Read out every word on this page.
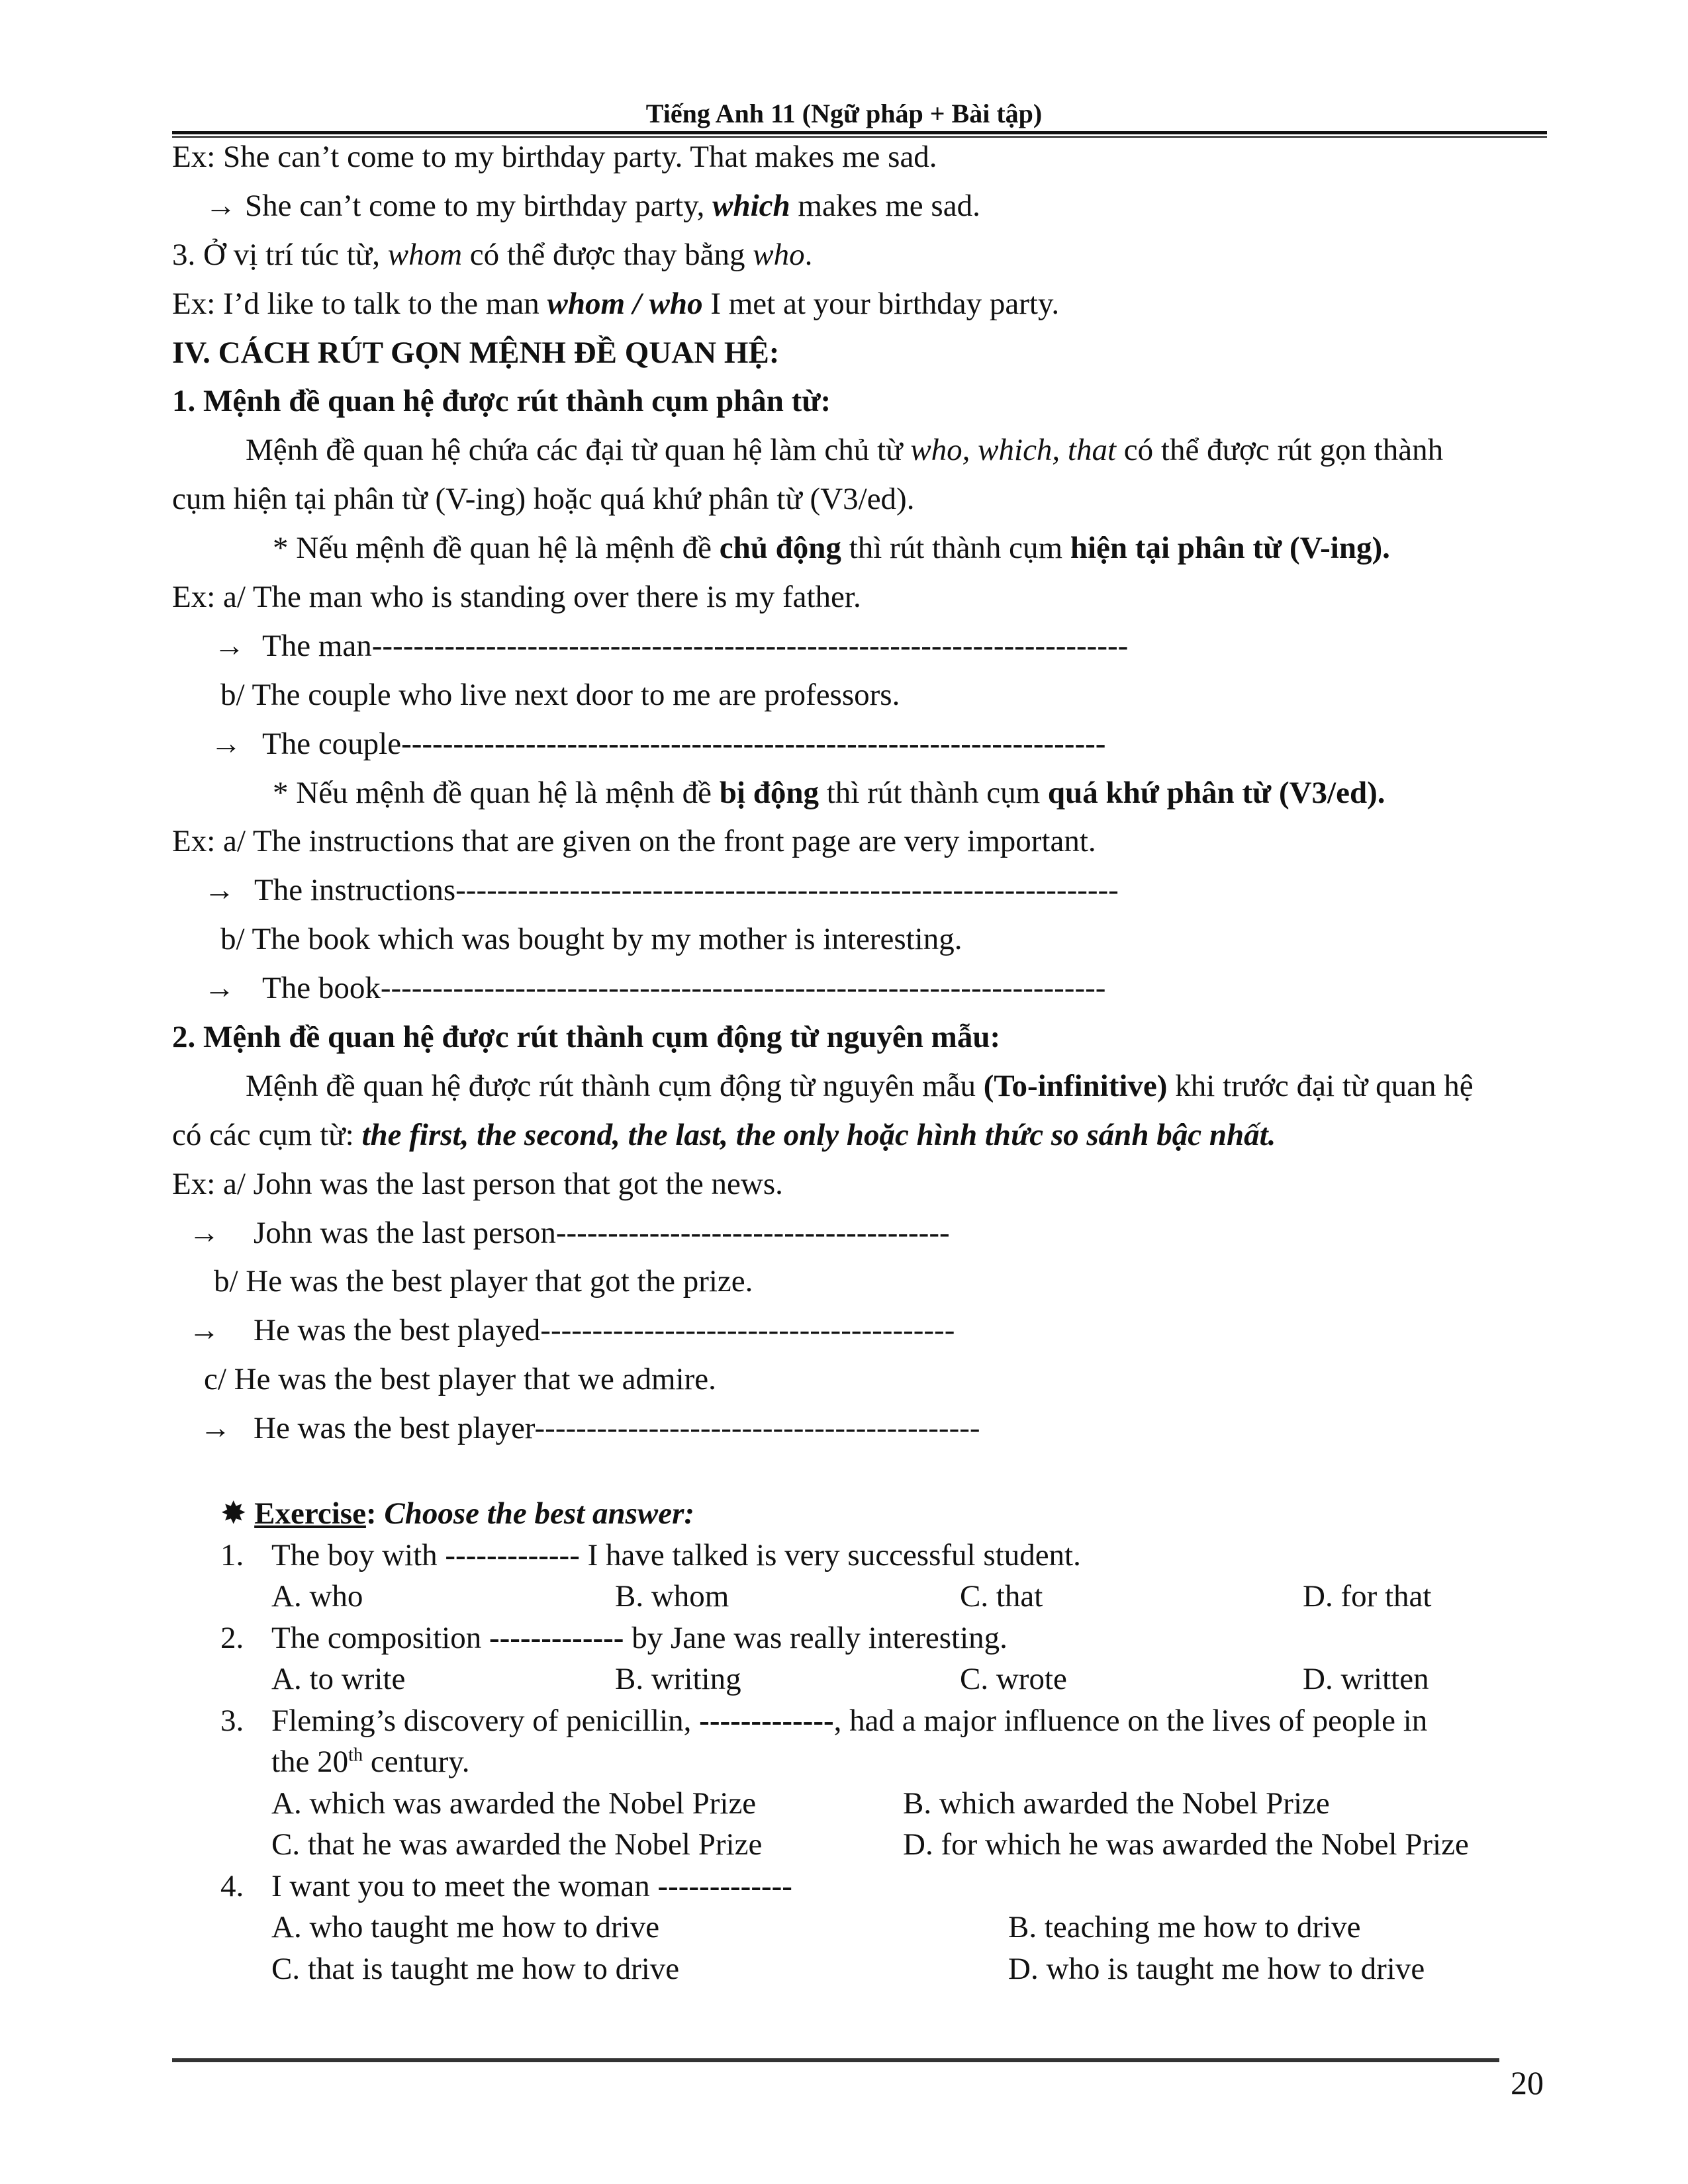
Tiếng Anh 11 (Ngữ pháp + Bài tập)
Ex: She can’t come to my birthday party. That makes me sad.
→ She can’t come to my birthday party, which makes me sad.
3. Ở vị trí túc từ, whom có thể được thay bằng who.
Ex: I’d like to talk to the man whom / who I met at your birthday party.
IV. CÁCH RÚT GỌN MỆNH ĐỀ QUAN HỆ:
1. Mệnh đề quan hệ được rút thành cụm phân từ:
Mệnh đề quan hệ chứa các đại từ quan hệ làm chủ từ who, which, that có thể được rút gọn thành
cụm hiện tại phân từ (V-ing) hoặc quá khứ phân từ (V3/ed).
* Nếu mệnh đề quan hệ là mệnh đề chủ động thì rút thành cụm hiện tại phân từ (V-ing).
Ex: a/ The man who is standing over there is my father.
→ The man-------------------------------------------------------------------------
b/ The couple who live next door to me are professors.
→ The couple--------------------------------------------------------------------
* Nếu mệnh đề quan hệ là mệnh đề bị động thì rút thành cụm quá khứ phân từ (V3/ed).
Ex: a/ The instructions that are given on the front page are very important.
→ The instructions----------------------------------------------------------------
b/ The book which was bought by my mother is interesting.
→ The book----------------------------------------------------------------------
2. Mệnh đề quan hệ được rút thành cụm động từ nguyên mẫu:
Mệnh đề quan hệ được rút thành cụm động từ nguyên mẫu (To-infinitive) khi trước đại từ quan hệ
có các cụm từ: the first, the second, the last, the only hoặc hình thức so sánh bậc nhất.
Ex: a/ John was the last person that got the news.
→ John was the last person--------------------------------------
b/ He was the best player that got the prize.
→ He was the best played----------------------------------------
c/ He was the best player that we admire.
→ He was the best player-------------------------------------------
✸ Exercise: Choose the best answer:
1. The boy with ------------- I have talked is very successful student.
A. who	B. whom	C. that	D. for that
2. The composition ------------- by Jane was really interesting.
A. to write	B. writing	C. wrote	D. written
3. Fleming’s discovery of penicillin, -------------, had a major influence on the lives of people in
the 20th century.
A. which was awarded the Nobel Prize	B. which awarded the Nobel Prize
C. that he was awarded the Nobel Prize	D. for which he was awarded the Nobel Prize
4. I want you to meet the woman -------------
A. who taught me how to drive	B. teaching me how to drive
C. that is taught me how to drive	D. who is taught me how to drive
20
